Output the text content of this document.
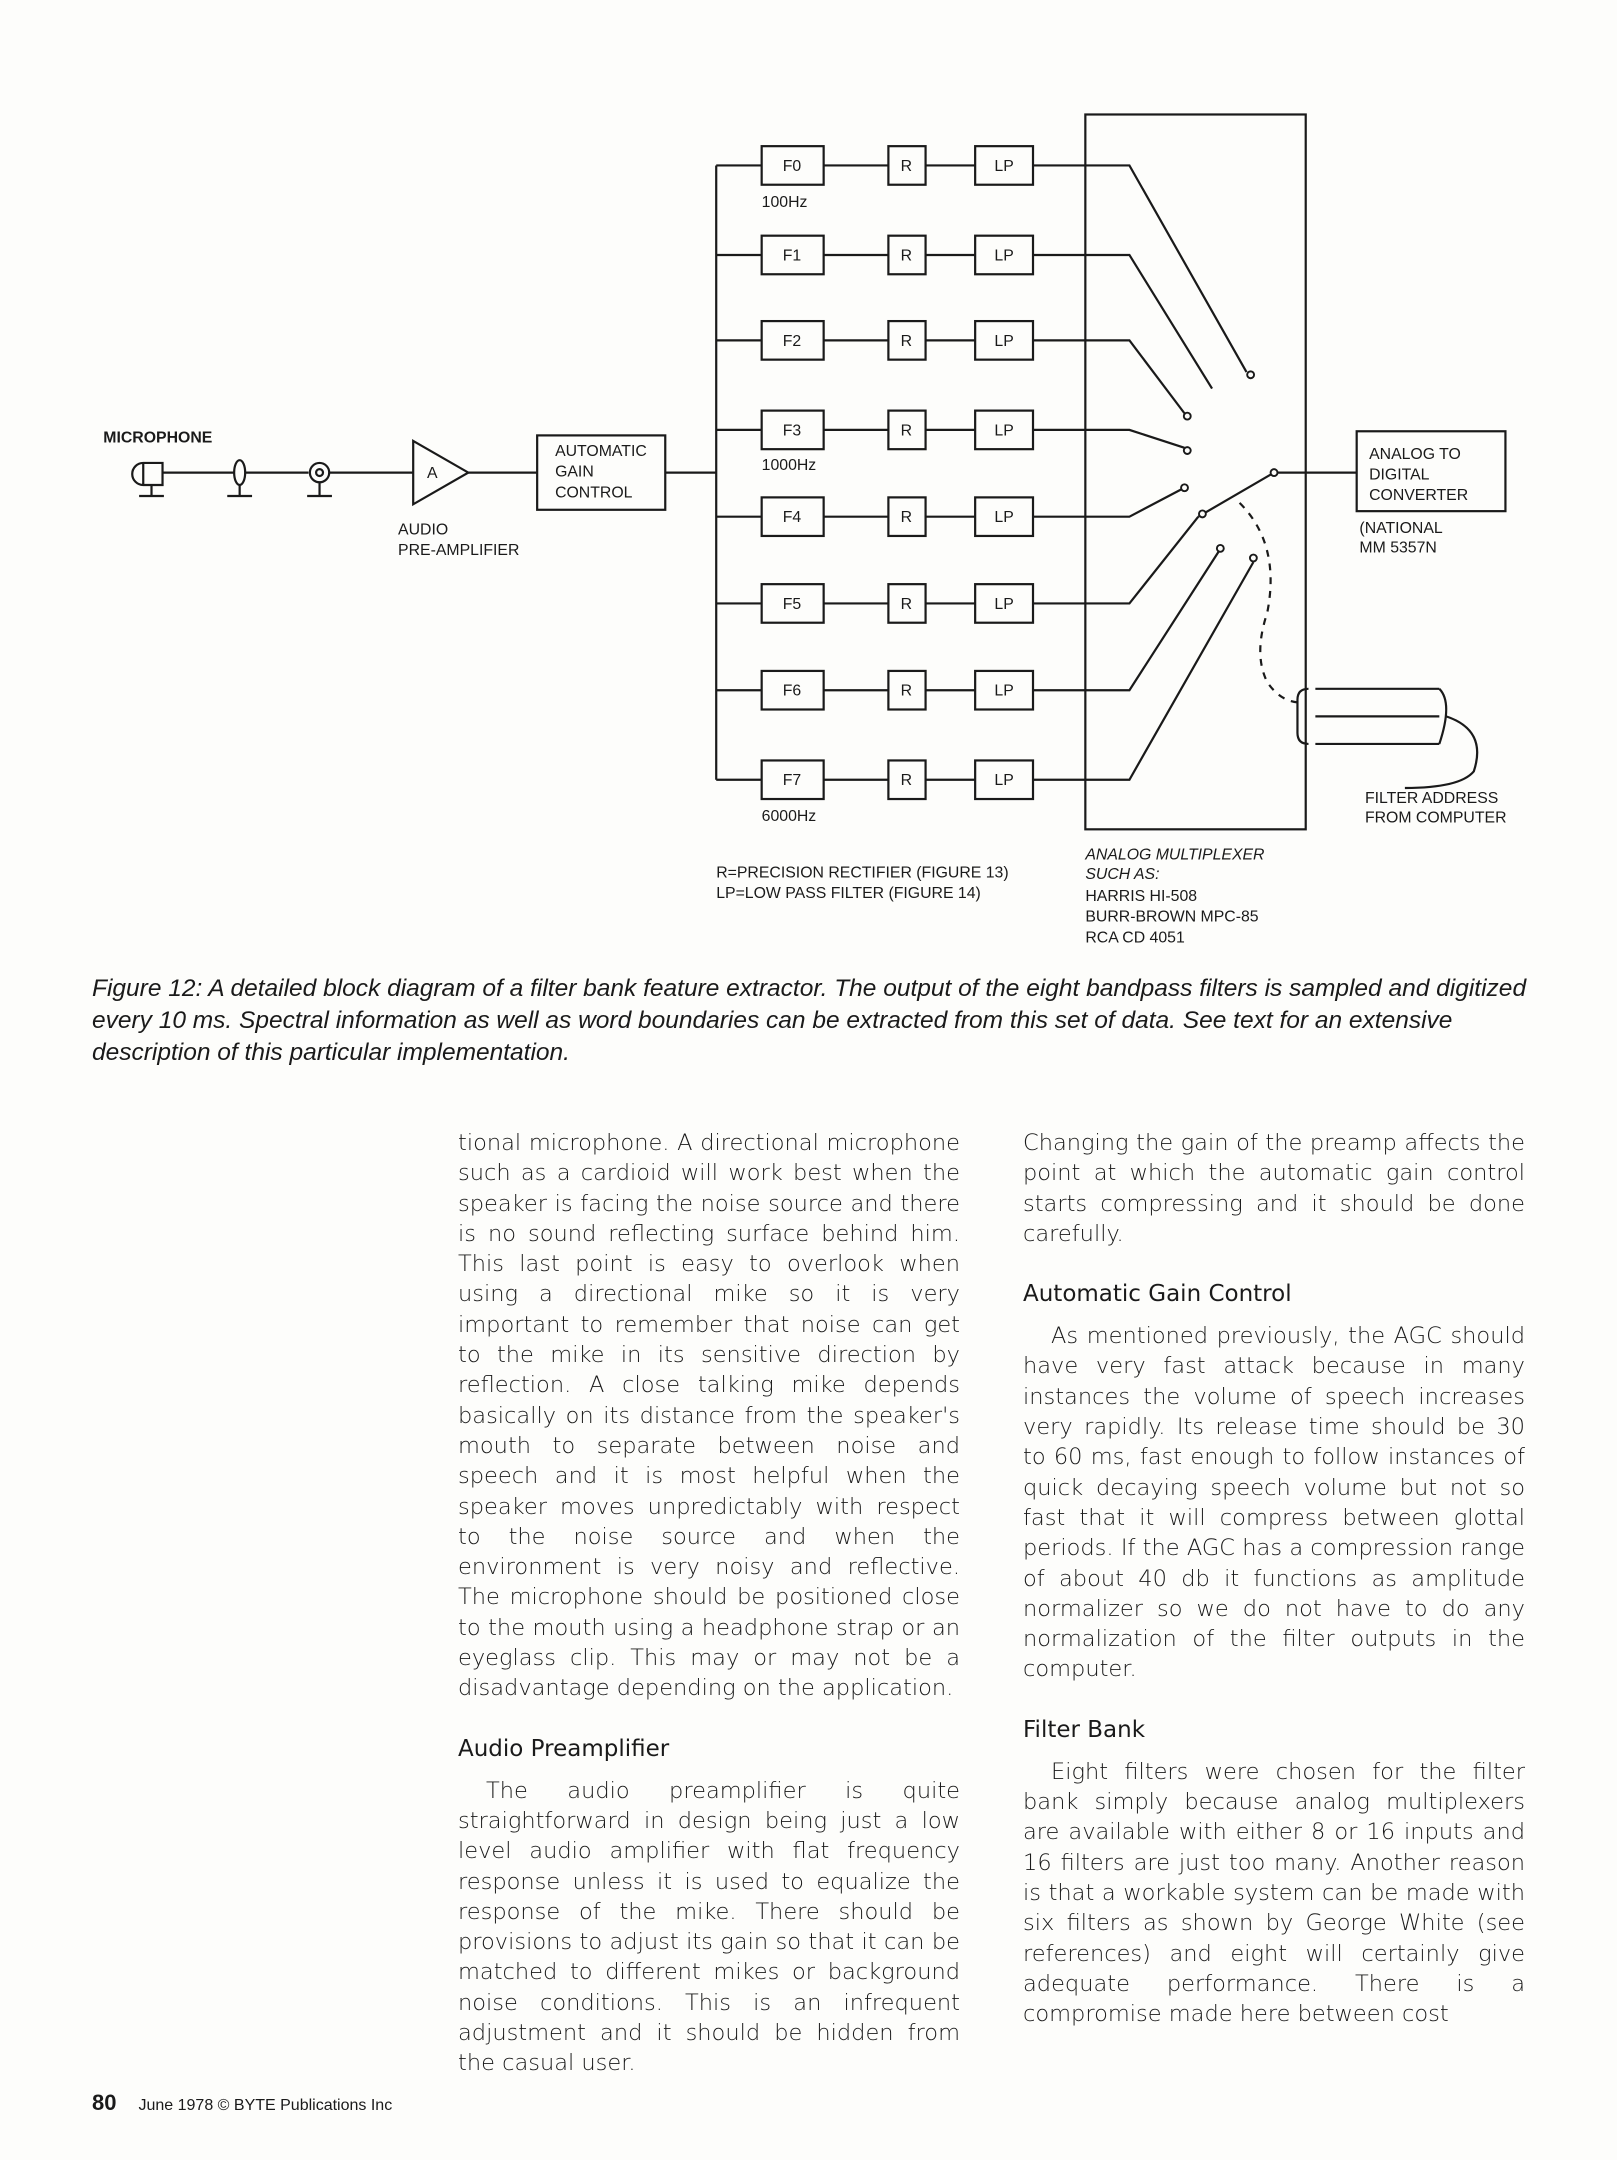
F0	R	LP
F1	R	LP
F2	R	LP
F3	R	LP
F4	R	LP
F5	R	LP
F6	R	LP
F7	R	LP
MICROPHONE
A
AUDIO
PRE-AMPLIFIER
AUTOMATIC
GAIN
CONTROL
100Hz
1000Hz
6000Hz
ANALOG TO
DIGITAL
CONVERTER
(NATIONAL
MM 5357N
FILTER ADDRESS
FROM COMPUTER
R=PRECISION RECTIFIER (FIGURE 13)
LP=LOW PASS FILTER (FIGURE 14)
ANALOG MULTIPLEXER
SUCH AS:
HARRIS HI-508
BURR-BROWN MPC-85
RCA CD 4051
Figure 12: A detailed block diagram of a filter bank feature extractor. The output of the eight bandpass filters is sampled and digitized every 10 ms. Spectral information as well as word boundaries can be extracted from this set of data. See text for an extensive description of this particular implementation.

tional microphone. A directional microphone such as a cardioid will work best when the speaker is facing the noise source and there is no sound reflecting surface behind him. This last point is easy to overlook when using a directional mike so it is very important to remember that noise can get to the mike in its sensitive direction by reflection. A close talking mike depends basically on its distance from the speaker's mouth to separate between noise and speech and it is most helpful when the speaker moves unpredictably with respect to the noise source and when the environment is very noisy and reflective. The microphone should be positioned close to the mouth using a headphone strap or an eyeglass clip. This may or may not be a disadvantage depending on the application.

Audio Preamplifier

The audio preamplifier is quite straightforward in design being just a low level audio amplifier with flat frequency response unless it is used to equalize the response of the mike. There should be provisions to adjust its gain so that it can be matched to different mikes or background noise conditions. This is an infrequent adjustment and it should be hidden from the casual user.

Changing the gain of the preamp affects the point at which the automatic gain control starts compressing and it should be done carefully.

Automatic Gain Control

As mentioned previously, the AGC should have very fast attack because in many instances the volume of speech increases very rapidly. Its release time should be 30 to 60 ms, fast enough to follow instances of quick decaying speech volume but not so fast that it will compress between glottal periods. If the AGC has a compression range of about 40 db it functions as amplitude normalizer so we do not have to do any normalization of the filter outputs in the computer.

Filter Bank

Eight filters were chosen for the filter bank simply because analog multiplexers are available with either 8 or 16 inputs and 16 filters are just too many. Another reason is that a workable system can be made with six filters as shown by George White (see references) and eight will certainly give adequate performance. There is a compromise made here between cost

80 June 1978 © BYTE Publications Inc
